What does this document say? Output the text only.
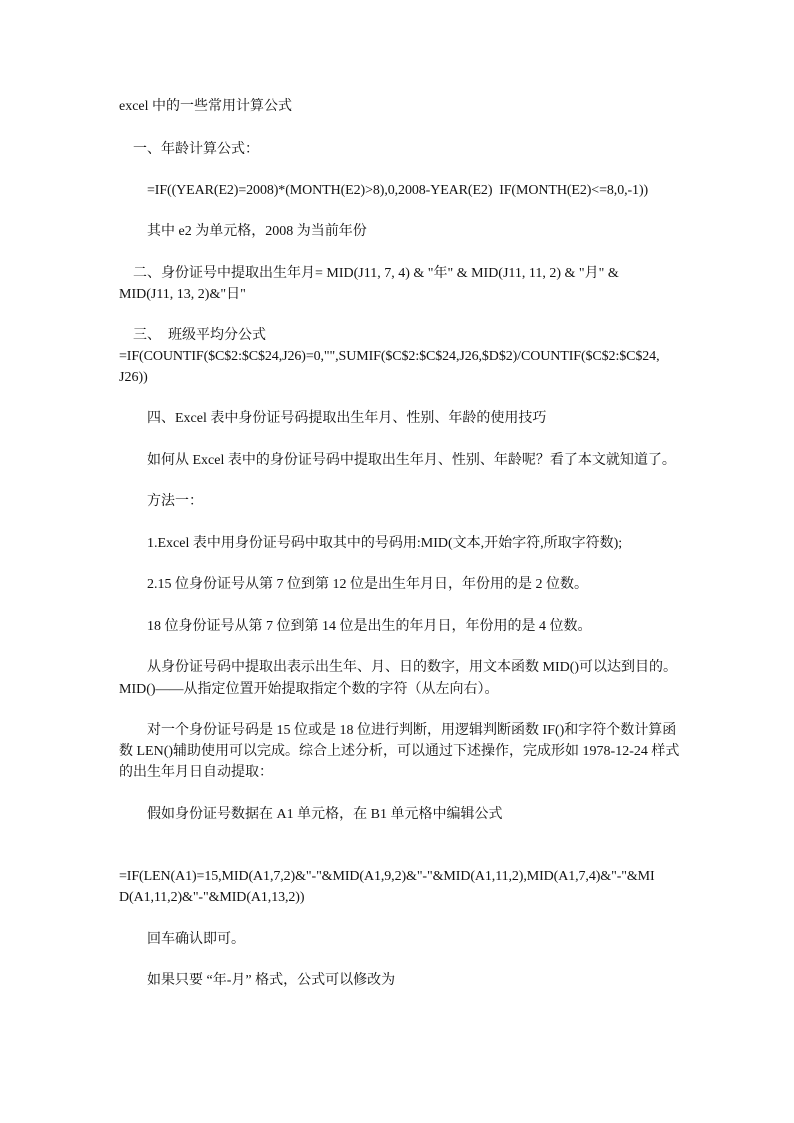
excel 中的一些常用计算公式
一、年龄计算公式：
=IF((YEAR(E2)=2008)*(MONTH(E2)>8),0,2008-YEAR(E2)  IF(MONTH(E2)<=8,0,-1))
其中 e2 为单元格，2008 为当前年份
二、身份证号中提取出生年月= MID(J11, 7, 4) & "年" & MID(J11, 11, 2) & "月" &
MID(J11, 13, 2)&"日"
三、  班级平均分公式
=IF(COUNTIF($C$2:$C$24,J26)=0,"",SUMIF($C$2:$C$24,J26,$D$2)/COUNTIF($C$2:$C$24,
J26))
四、Excel 表中身份证号码提取出生年月、性别、年龄的使用技巧
如何从 Excel 表中的身份证号码中提取出生年月、性别、年龄呢？看了本文就知道了。
方法一：
1.Excel 表中用身份证号码中取其中的号码用:MID(文本,开始字符,所取字符数);
2.15 位身份证号从第 7 位到第 12 位是出生年月日，年份用的是 2 位数。
18 位身份证号从第 7 位到第 14 位是出生的年月日，年份用的是 4 位数。
从身份证号码中提取出表示出生年、月、日的数字，用文本函数 MID()可以达到目的。
MID()——从指定位置开始提取指定个数的字符（从左向右）。
对一个身份证号码是 15 位或是 18 位进行判断，用逻辑判断函数 IF()和字符个数计算函
数 LEN()辅助使用可以完成。综合上述分析，可以通过下述操作，完成形如 1978-12-24 样式
的出生年月日自动提取：
假如身份证号数据在 A1 单元格，在 B1 单元格中编辑公式
=IF(LEN(A1)=15,MID(A1,7,2)&"-"&MID(A1,9,2)&"-"&MID(A1,11,2),MID(A1,7,4)&"-"&MI
D(A1,11,2)&"-"&MID(A1,13,2))
回车确认即可。
如果只要 “年-月” 格式，公式可以修改为
